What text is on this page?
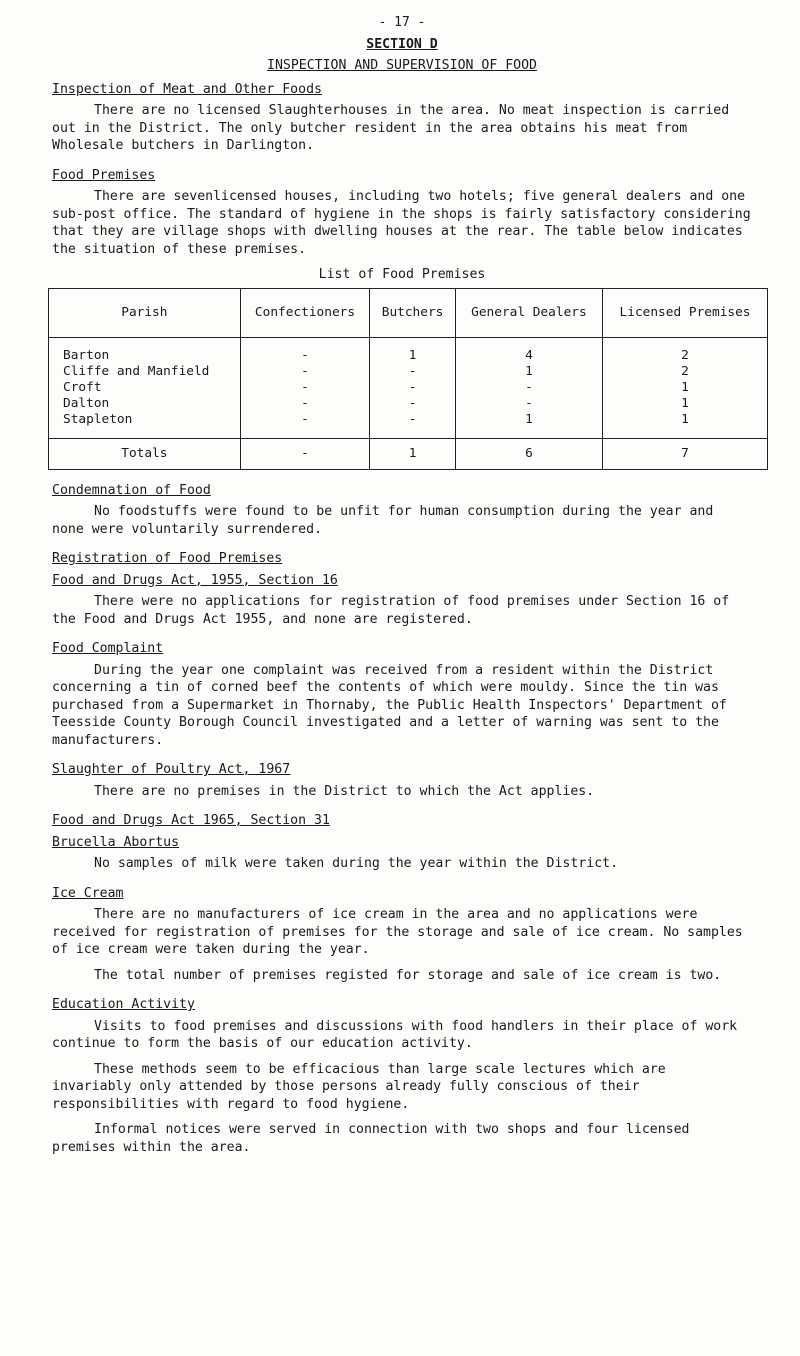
- 17 -
SECTION D
INSPECTION AND SUPERVISION OF FOOD
Inspection of Meat and Other Foods

There are no licensed Slaughterhouses in the area. No meat inspection is carried out in the District. The only butcher resident in the area obtains his meat from Wholesale butchers in Darlington.

Food Premises

There are sevenlicensed houses, including two hotels; five general dealers and one sub-post office. The standard of hygiene in the shops is fairly satisfactory considering that they are village shops with dwelling houses at the rear. The table below indicates the situation of these premises.

List of Food Premises
Parish	Confectioners	Butchers	General Dealers	Licensed Premises
Barton	-	1	4	2
Cliffe and Manfield	-	-	1	2
Croft	-	-	-	1
Dalton	-	-	-	1
Stapleton	-	-	1	1
Totals	-	1	6	7
Condemnation of Food

No foodstuffs were found to be unfit for human consumption during the year and none were voluntarily surrendered.

Registration of Food Premises
Food and Drugs Act, 1955, Section 16

There were no applications for registration of food premises under Section 16 of the Food and Drugs Act 1955, and none are registered.

Food Complaint

During the year one complaint was received from a resident within the District concerning a tin of corned beef the contents of which were mouldy. Since the tin was purchased from a Supermarket in Thornaby, the Public Health Inspectors' Department of Teesside County Borough Council investigated and a letter of warning was sent to the manufacturers.

Slaughter of Poultry Act, 1967

There are no premises in the District to which the Act applies.

Food and Drugs Act 1965, Section 31
Brucella Abortus

No samples of milk were taken during the year within the District.

Ice Cream

There are no manufacturers of ice cream in the area and no applications were received for registration of premises for the storage and sale of ice cream. No samples of ice cream were taken during the year.

The total number of premises registed for storage and sale of ice cream is two.

Education Activity

Visits to food premises and discussions with food handlers in their place of work continue to form the basis of our education activity.

These methods seem to be efficacious than large scale lectures which are invariably only attended by those persons already fully conscious of their responsibilities with regard to food hygiene.

Informal notices were served in connection with two shops and four licensed premises within the area.
